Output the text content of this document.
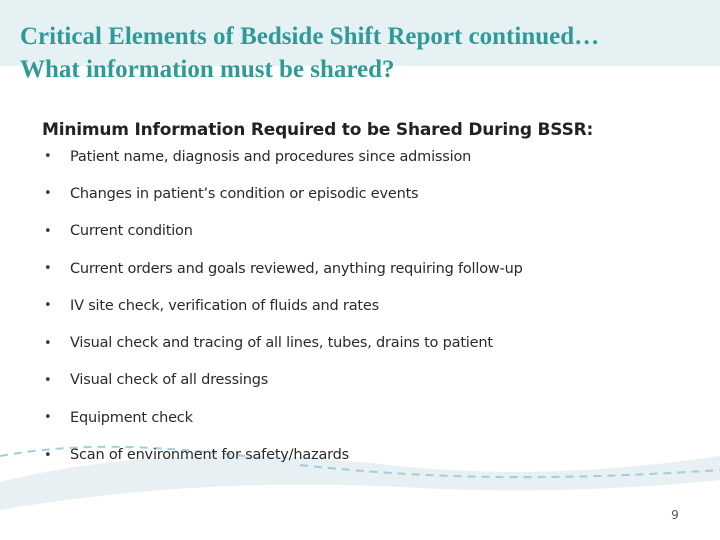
Critical Elements of Bedside Shift Report continued…
What information must be shared?
Minimum Information Required to be Shared During BSSR:
•	Patient name, diagnosis and procedures since admission
•	Changes in patient’s condition or episodic events
•	Current condition
•	Current orders and goals reviewed, anything requiring follow-up
•	IV site check, verification of fluids and rates
•	Visual check and tracing of all lines, tubes, drains to patient
•	Visual check of all dressings
•	Equipment check
•	Scan of environment for safety/hazards
9
